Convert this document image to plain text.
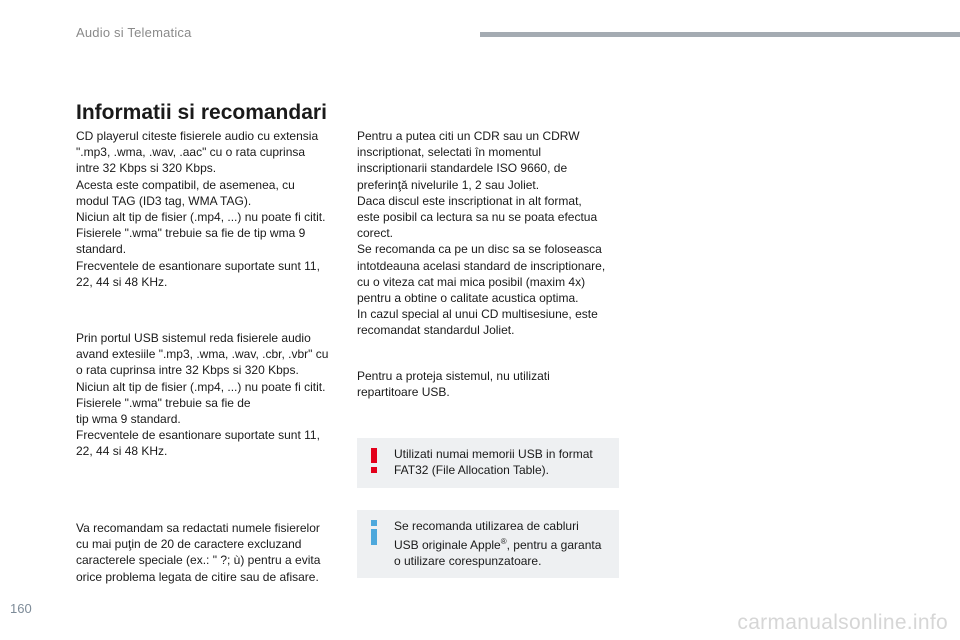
Audio si Telematica
Informatii si recomandari

CD playerul citeste fisierele audio cu extensia
".mp3, .wma, .wav, .aac" cu o rata cuprinsa
intre 32 Kbps si 320 Kbps.
Acesta este compatibil, de asemenea, cu
modul TAG (ID3 tag, WMA TAG).
Niciun alt tip de fisier (.mp4, ...) nu poate fi citit.
Fisierele ".wma" trebuie sa fie de tip wma 9
standard.
Frecventele de esantionare suportate sunt 11,
22, 44 si 48 KHz.

Prin portul USB sistemul reda fisierele audio
avand extesiile ".mp3, .wma, .wav, .cbr, .vbr" cu
o rata cuprinsa intre 32 Kbps si 320 Kbps.
Niciun alt tip de fisier (.mp4, ...) nu poate fi citit.
Fisierele ".wma" trebuie sa fie de
tip wma 9 standard.
Frecventele de esantionare suportate sunt 11,
22, 44 si 48 KHz.

Va recomandam sa redactati numele fisierelor
cu mai puţin de 20 de caractere excluzand
caracterele speciale (ex.: " ?; ù) pentru a evita
orice problema legata de citire sau de afisare.

Pentru a putea citi un CDR sau un CDRW
inscriptionat, selectati în momentul
inscriptionarii standardele ISO 9660, de
preferinţă nivelurile 1, 2 sau Joliet.
Daca discul este inscriptionat in alt format,
este posibil ca lectura sa nu se poata efectua
corect.
Se recomanda ca pe un disc sa se foloseasca
intotdeauna acelasi standard de inscriptionare,
cu o viteza cat mai mica posibil (maxim 4x)
pentru a obtine o calitate acustica optima.
In cazul special al unui CD multisesiune, este
recomandat standardul Joliet.

Pentru a proteja sistemul, nu utilizati
repartitoare USB.

Utilizati numai memorii USB in format
FAT32 (File Allocation Table).

Se recomanda utilizarea de cabluri
USB originale Apple®, pentru a garanta
o utilizare corespunzatoare.

160
carmanualsonline.info
